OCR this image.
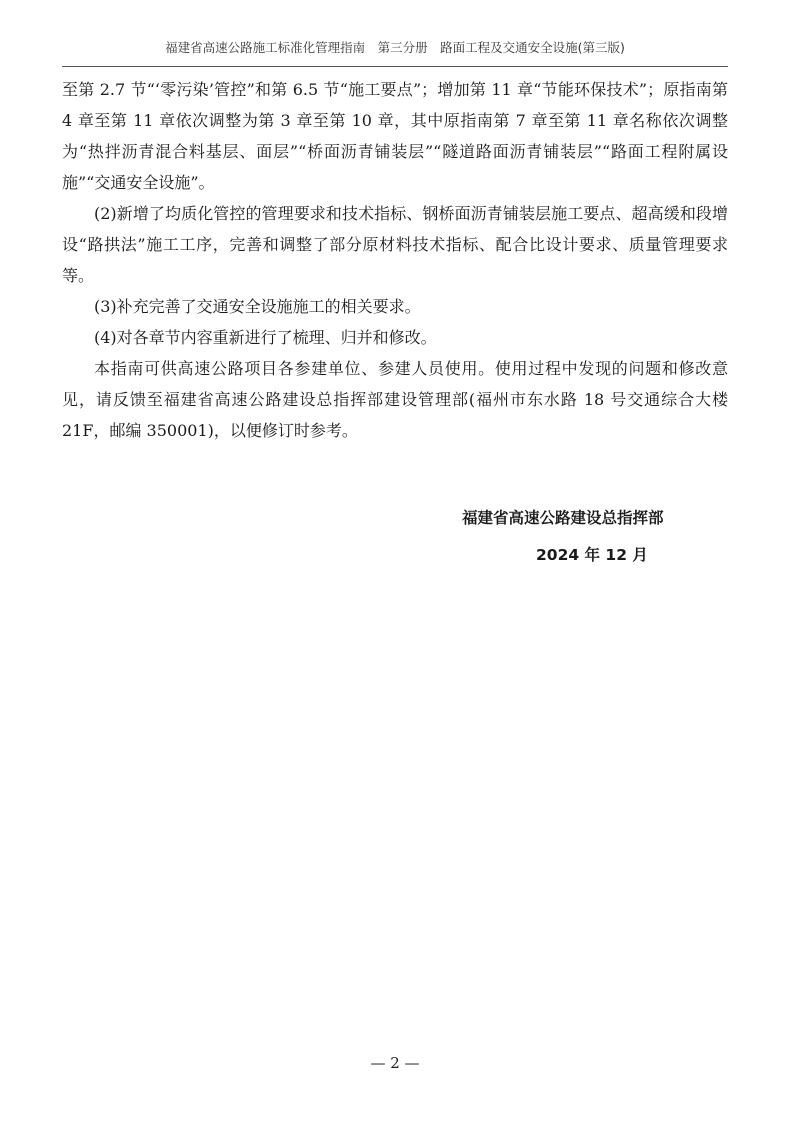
福建省高速公路施工标准化管理指南　第三分册　路面工程及交通安全设施(第三版)

至第 2.7 节“‘零污染’管控”和第 6.5 节“施工要点”；增加第 11 章“节能环保技术”；原指南第 4 章至第 11 章依次调整为第 3 章至第 10 章，其中原指南第 7 章至第 11 章名称依次调整为“热拌沥青混合料基层、面层”“桥面沥青铺装层”“隧道路面沥青铺装层”“路面工程附属设施”“交通安全设施”。

(2)新增了均质化管控的管理要求和技术指标、钢桥面沥青铺装层施工要点、超高缓和段增设“路拱法”施工工序，完善和调整了部分原材料技术指标、配合比设计要求、质量管理要求等。

(3)补充完善了交通安全设施施工的相关要求。

(4)对各章节内容重新进行了梳理、归并和修改。

本指南可供高速公路项目各参建单位、参建人员使用。使用过程中发现的问题和修改意见，请反馈至福建省高速公路建设总指挥部建设管理部(福州市东水路 18 号交通综合大楼 21F，邮编 350001)，以便修订时参考。

福建省高速公路建设总指挥部
2024 年 12 月
— 2 —
